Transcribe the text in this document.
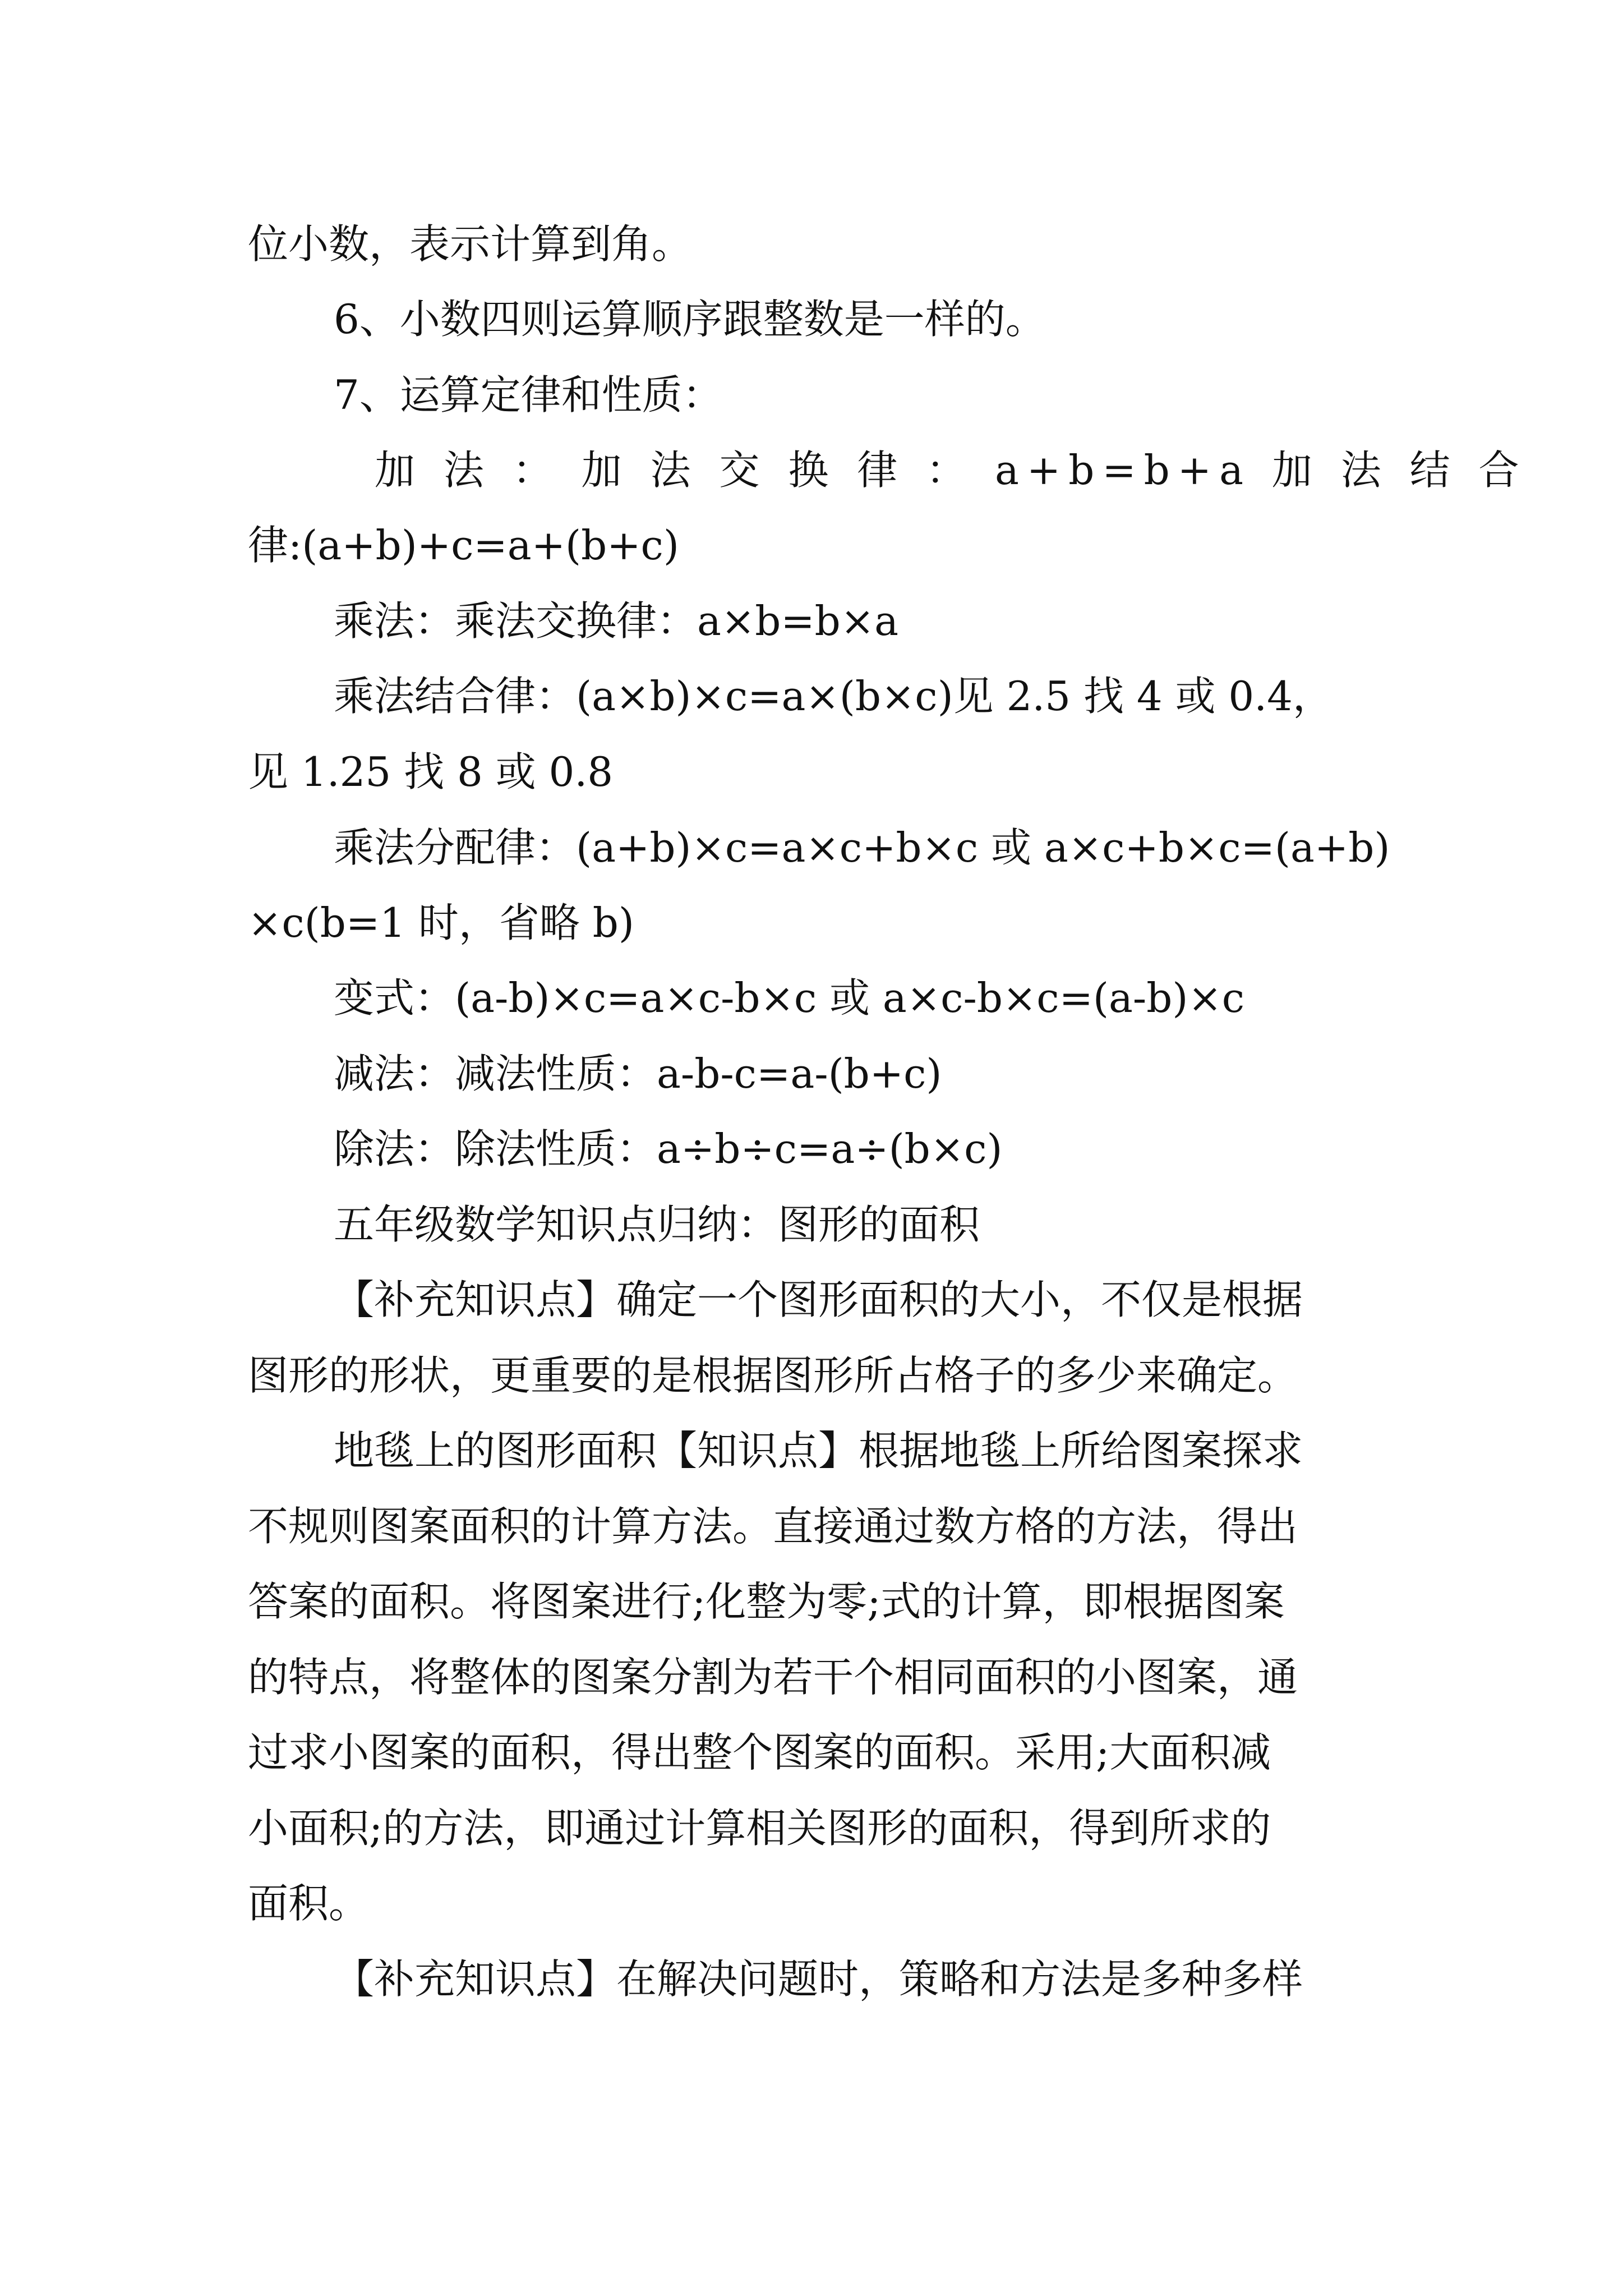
位小数，表示计算到角。
6、小数四则运算顺序跟整数是一样的。
7、运算定律和性质：
加 法 ： 加 法 交 换 律 ： a+b=b+a 加 法 结 合
律:(a+b)+c=a+(b+c)
乘法：乘法交换律：a×b=b×a
乘法结合律：(a×b)×c=a×(b×c)见 2.5 找 4 或 0.4，
见 1.25 找 8 或 0.8
乘法分配律：(a+b)×c=a×c+b×c 或 a×c+b×c=(a+b)
×c(b=1 时，省略 b)
变式：(a-b)×c=a×c-b×c 或 a×c-b×c=(a-b)×c
减法：减法性质：a-b-c=a-(b+c)
除法：除法性质：a÷b÷c=a÷(b×c)
五年级数学知识点归纳：图形的面积
【补充知识点】确定一个图形面积的大小，不仅是根据
图形的形状，更重要的是根据图形所占格子的多少来确定。
地毯上的图形面积【知识点】根据地毯上所给图案探求
不规则图案面积的计算方法。直接通过数方格的方法，得出
答案的面积。将图案进行;化整为零;式的计算，即根据图案
的特点，将整体的图案分割为若干个相同面积的小图案，通
过求小图案的面积，得出整个图案的面积。采用;大面积减
小面积;的方法，即通过计算相关图形的面积，得到所求的
面积。
【补充知识点】在解决问题时，策略和方法是多种多样
